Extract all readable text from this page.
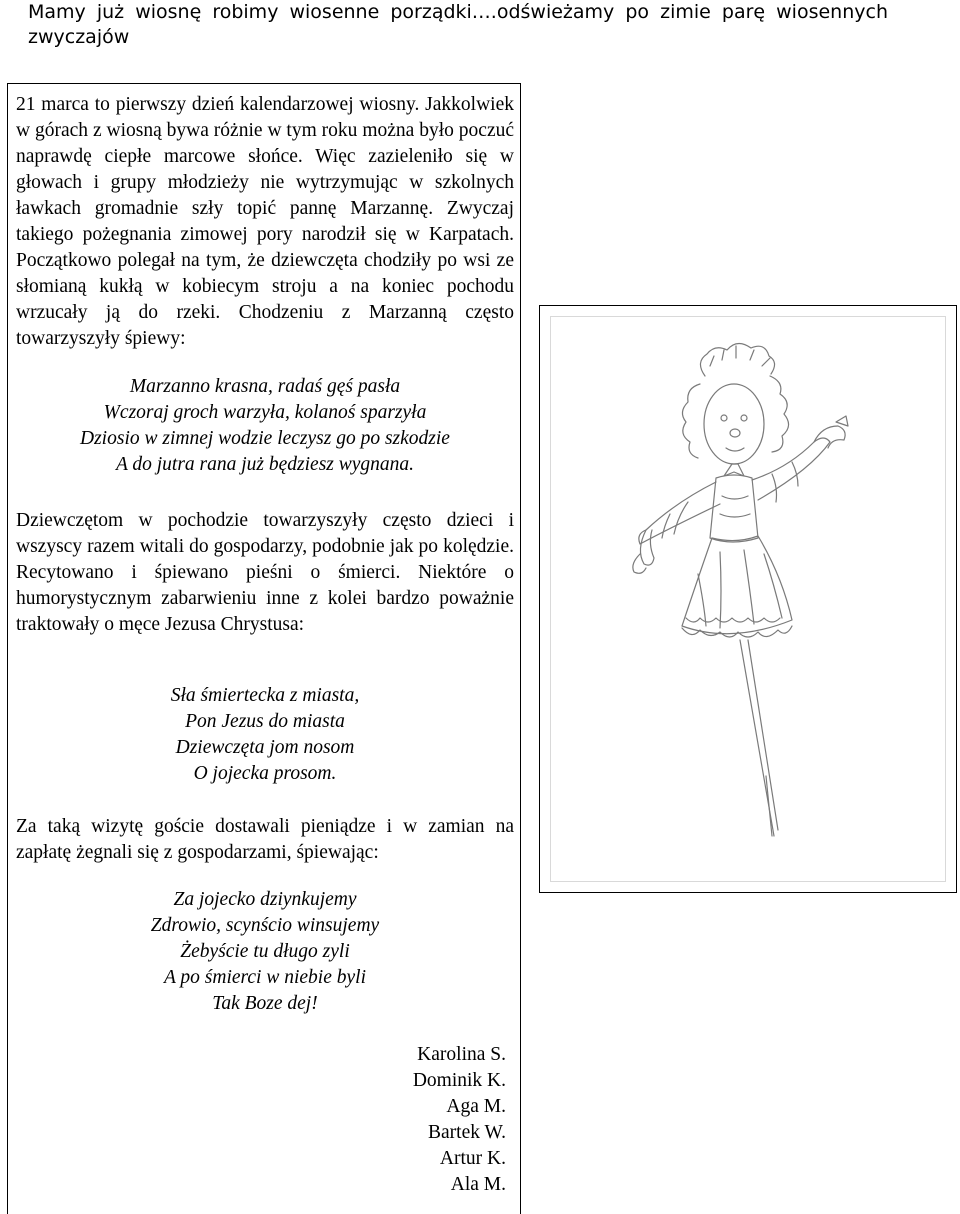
Mamy już wiosnę robimy wiosenne porządki….odświeżamy po zimie parę wiosennych zwyczajów

21 marca to pierwszy dzień kalendarzowej wiosny. Jakkolwiek w górach z wiosną bywa różnie w tym roku można było poczuć naprawdę ciepłe marcowe słońce. Więc zazieleniło się w głowach i grupy młodzieży nie wytrzymując w szkolnych ławkach gromadnie szły topić pannę Marzannę. Zwyczaj takiego pożegnania zimowej pory narodził się w Karpatach. Początkowo polegał na tym, że dziewczęta chodziły po wsi ze słomianą kukłą w kobiecym stroju a na koniec pochodu wrzucały ją do rzeki. Chodzeniu z Marzanną często towarzyszyły śpiewy:

Marzanno krasna, radaś gęś pasła
Wczoraj groch warzyła, kolanoś sparzyła
Dziosio w zimnej wodzie leczysz go po szkodzie
A do jutra rana już będziesz wygnana.

Dziewczętom w pochodzie towarzyszyły często dzieci i wszyscy razem witali do gospodarzy, podobnie jak po kolędzie. Recytowano i śpiewano pieśni o śmierci. Niektóre o humorystycznym zabarwieniu inne z kolei bardzo poważnie traktowały o męce Jezusa Chrystusa:

Sła śmiertecka z miasta,
Pon Jezus do miasta
Dziewczęta jom nosom
O jojecka prosom.

Za taką wizytę goście dostawali pieniądze i w zamian na zapłatę żegnali się z gospodarzami, śpiewając:

Za jojecko dziynkujemy
Zdrowio, scynścio winsujemy
Żebyście tu długo zyli
A po śmierci w niebie byli
Tak Boze dej!
Karolina S.
Dominik K.
Aga M.
Bartek W.
Artur K.
Ala M.
